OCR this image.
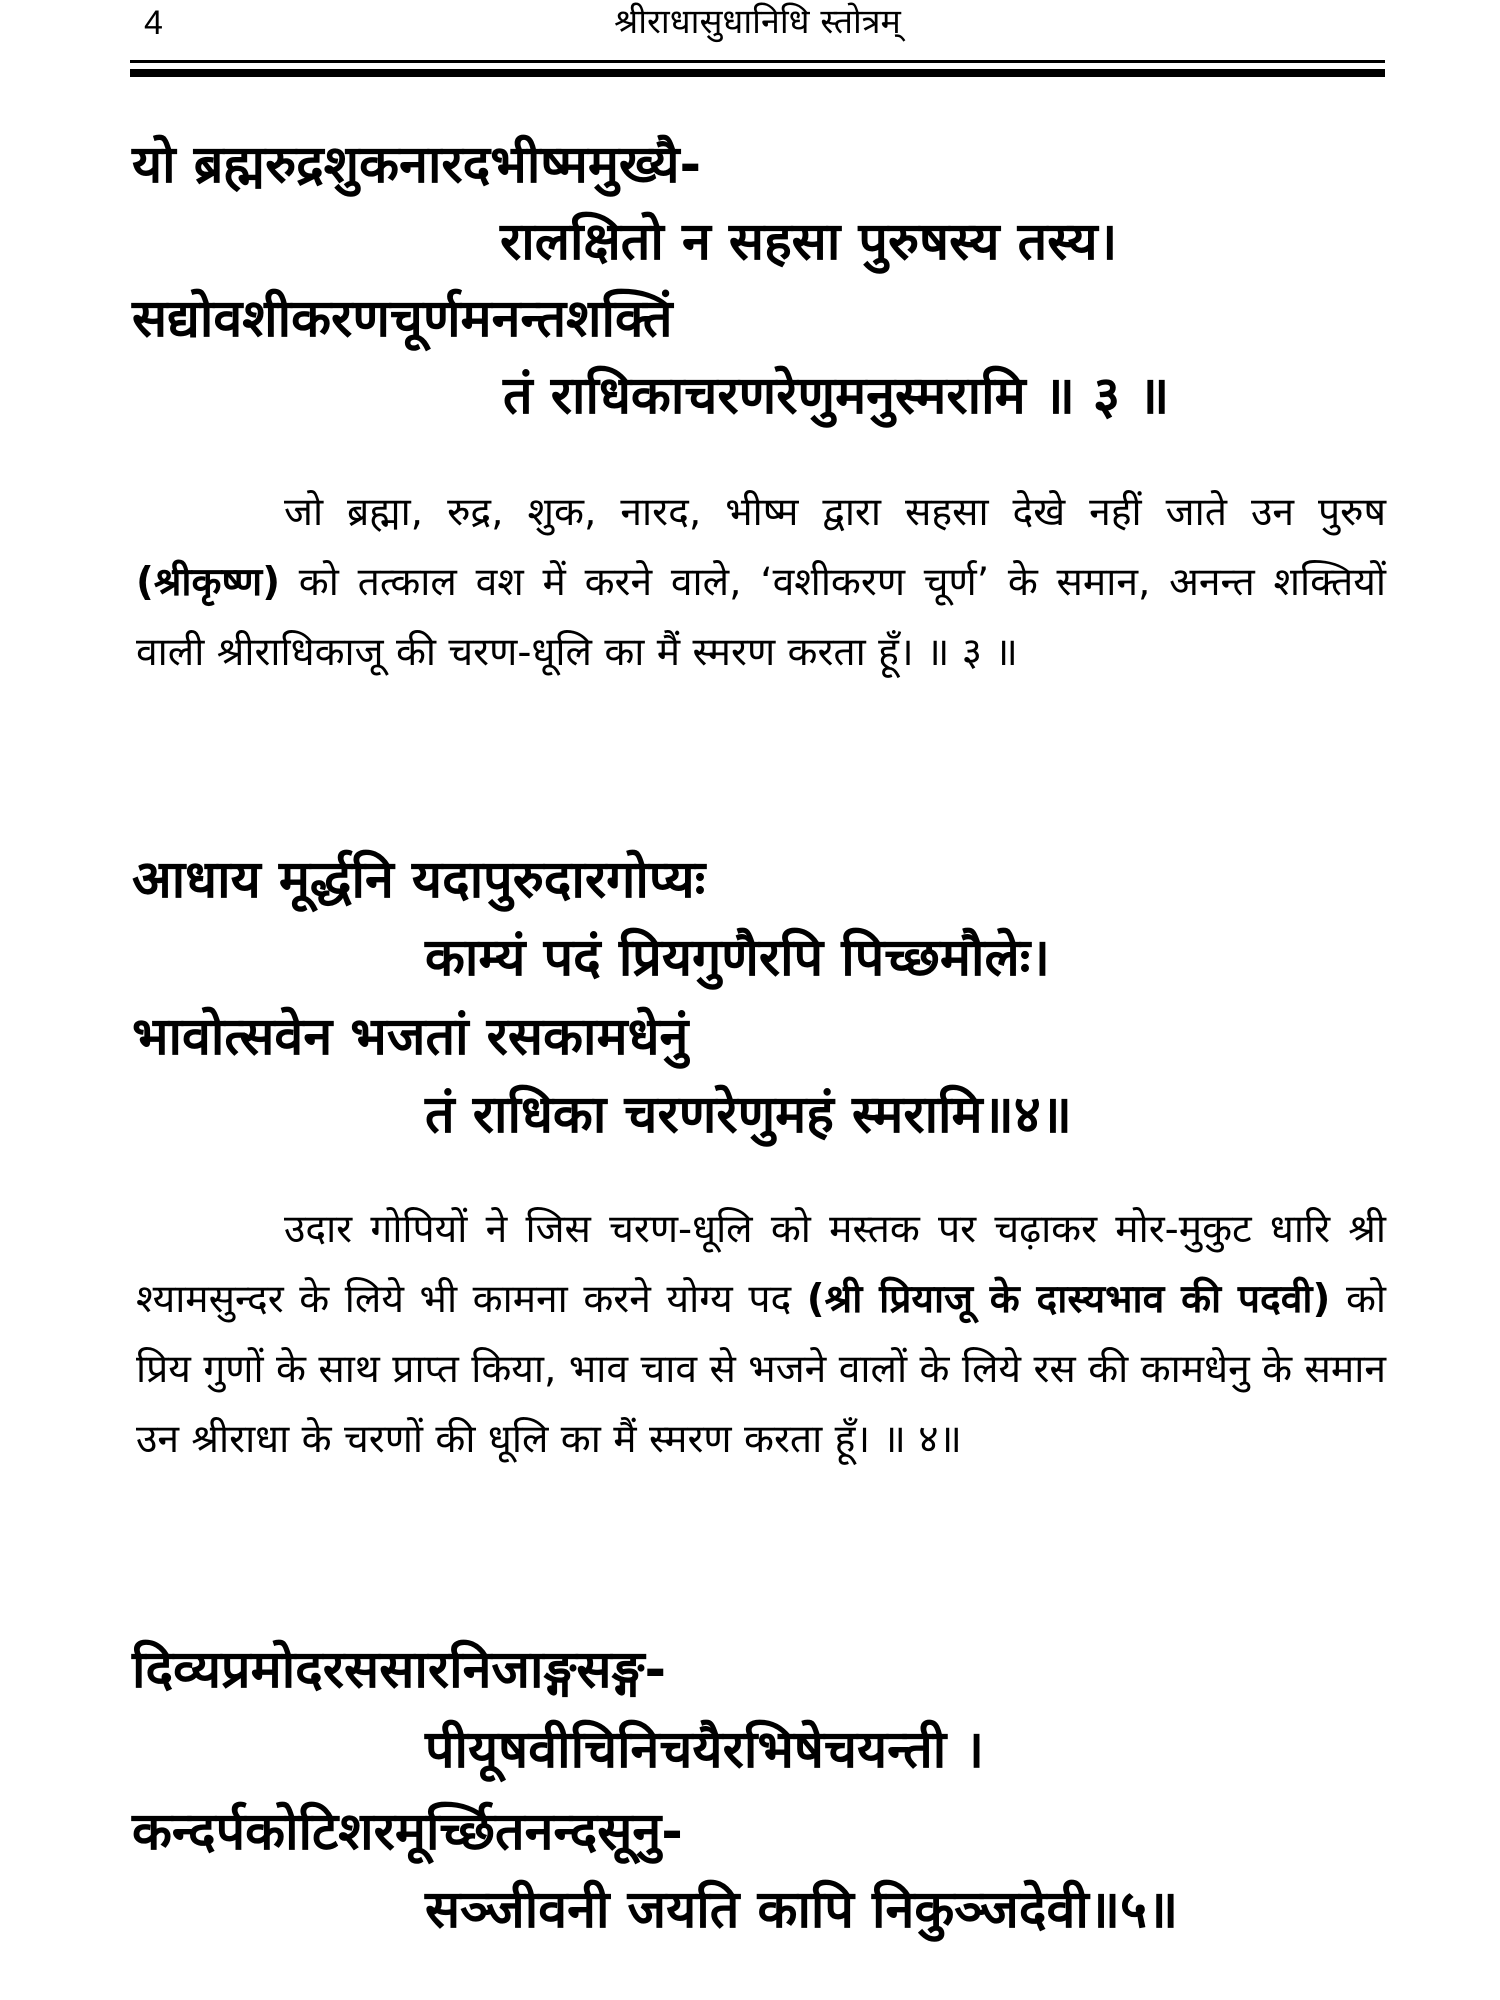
4	श्रीराधासुधानिधि स्तोत्रम्

यो ब्रह्मरुद्रशुकनारदभीष्ममुख्यै-

रालक्षितो न सहसा पुरुषस्य तस्य।

सद्योवशीकरणचूर्णमनन्तशक्तिं

तं राधिकाचरणरेणुमनुस्मरामि ॥ ३ ॥

जो ब्रह्मा, रुद्र, शुक, नारद, भीष्म द्वारा सहसा देखे नहीं जाते उन पुरुष (श्रीकृष्ण) को तत्काल वश में करने वाले, ‘वशीकरण चूर्ण’ के समान, अनन्त शक्तियों वाली श्रीराधिकाजू की चरण-धूलि का मैं स्मरण करता हूँ। ॥ ३ ॥

आधाय मूर्द्धनि यदापुरुदारगोप्यः

काम्यं पदं प्रियगुणैरपि पिच्छमौलेः।

भावोत्सवेन भजतां रसकामधेनुं

तं राधिका चरणरेणुमहं स्मरामि॥४॥

उदार गोपियों ने जिस चरण-धूलि को मस्तक पर चढ़ाकर मोर-मुकुट धारि श्री श्यामसुन्दर के लिये भी कामना करने योग्य पद (श्री प्रियाजू के दास्यभाव की पदवी) को प्रिय गुणों के साथ प्राप्त किया, भाव चाव से भजने वालों के लिये रस की कामधेनु के समान उन श्रीराधा के चरणों की धूलि का मैं स्मरण करता हूँ। ॥ ४॥

दिव्यप्रमोदरससारनिजाङ्गसङ्ग-

पीयूषवीचिनिचयैरभिषेचयन्ती ।

कन्दर्पकोटिशरमूर्च्छितनन्दसूनु-

सञ्जीवनी जयति कापि निकुञ्जदेवी॥५॥
